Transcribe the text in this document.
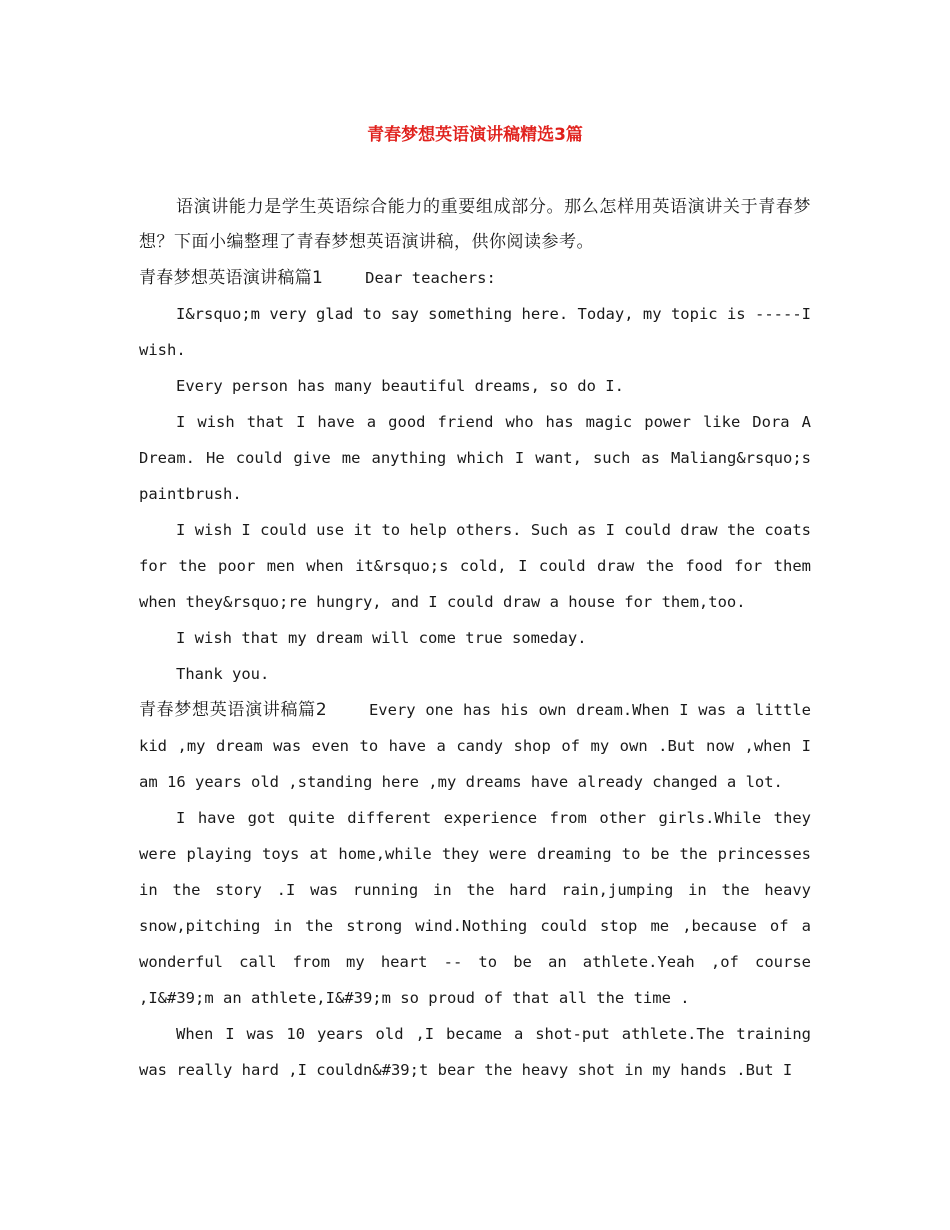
青春梦想英语演讲稿精选3篇

语演讲能力是学生英语综合能力的重要组成部分。那么怎样用英语演讲关于青春梦想？下面小编整理了青春梦想英语演讲稿，供你阅读参考。

青春梦想英语演讲稿篇1	Dear teachers:

I&rsquo;m very glad to say something here. Today, my topic is -----I wish.

Every person has many beautiful dreams, so do I.

I wish that I have a good friend who has magic power like Dora A Dream. He could give me anything which I want, such as Maliang&rsquo;s paintbrush.

I wish I could use it to help others. Such as I could draw the coats for the poor men when it&rsquo;s cold, I could draw the food for them when they&rsquo;re hungry, and I could draw a house for them,too.

I wish that my dream will come true someday.

Thank you.

青春梦想英语演讲稿篇2	Every one has his own dream.When I was a little kid ,my dream was even to have a candy shop of my own .But now ,when I am 16 years old ,standing here ,my dreams have already changed a lot.

I have got quite different experience from other girls.While they were playing toys at home,while they were dreaming to be the princesses in the story .I was running in the hard rain,jumping in the heavy snow,pitching in the strong wind.Nothing could stop me ,because of a wonderful call from my heart -- to be an athlete.Yeah ,of course ,I&#39;m an athlete,I&#39;m so proud of that all the time .

When I was 10 years old ,I became a shot-put athlete.The training was really hard ,I couldn&#39;t bear the heavy shot in my hands .But I
